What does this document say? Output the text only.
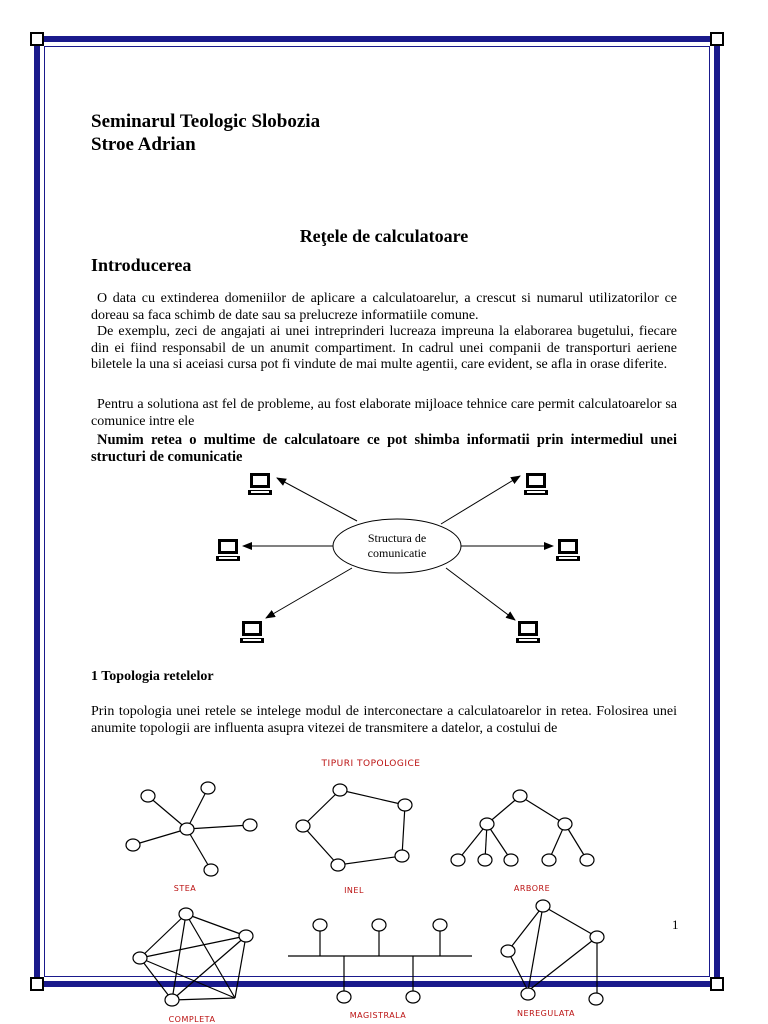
Seminarul Teologic Slobozia
Stroe Adrian
Reţele de calculatoare
Introducerea
O data cu extinderea domeniilor de aplicare a calculatoarelur, a crescut si numarul utilizatorilor ce doreau sa faca schimb de date sau sa prelucreze informatiile comune.
De exemplu, zeci de angajati ai unei intreprinderi lucreaza impreuna la elaborarea bugetului, fiecare din ei fiind responsabil de un anumit compartiment. In cadrul unei companii de transporturi aeriene biletele la una si aceiasi cursa pot fi vindute de mai multe agentii, care evident, se afla in orase diferite.
Pentru a solutiona ast fel de probleme, au fost elaborate mijloace tehnice care permit calculatoarelor sa comunice intre ele
Numim retea o multime de calculatoare ce pot shimba informatii prin intermediul unei structuri de comunicatie
Structura de
comunicatie
1 Topologia retelelor
Prin topologia unei retele se intelege modul de interconectare a calculatoarelor in retea. Folosirea unei anumite topologii are influenta asupra vitezei de transmitere a datelor, a costului de
TIPURI TOPOLOGICE
STEA	INEL	ARBORE
COMPLETA	MAGISTRALA	NEREGULATA
1
